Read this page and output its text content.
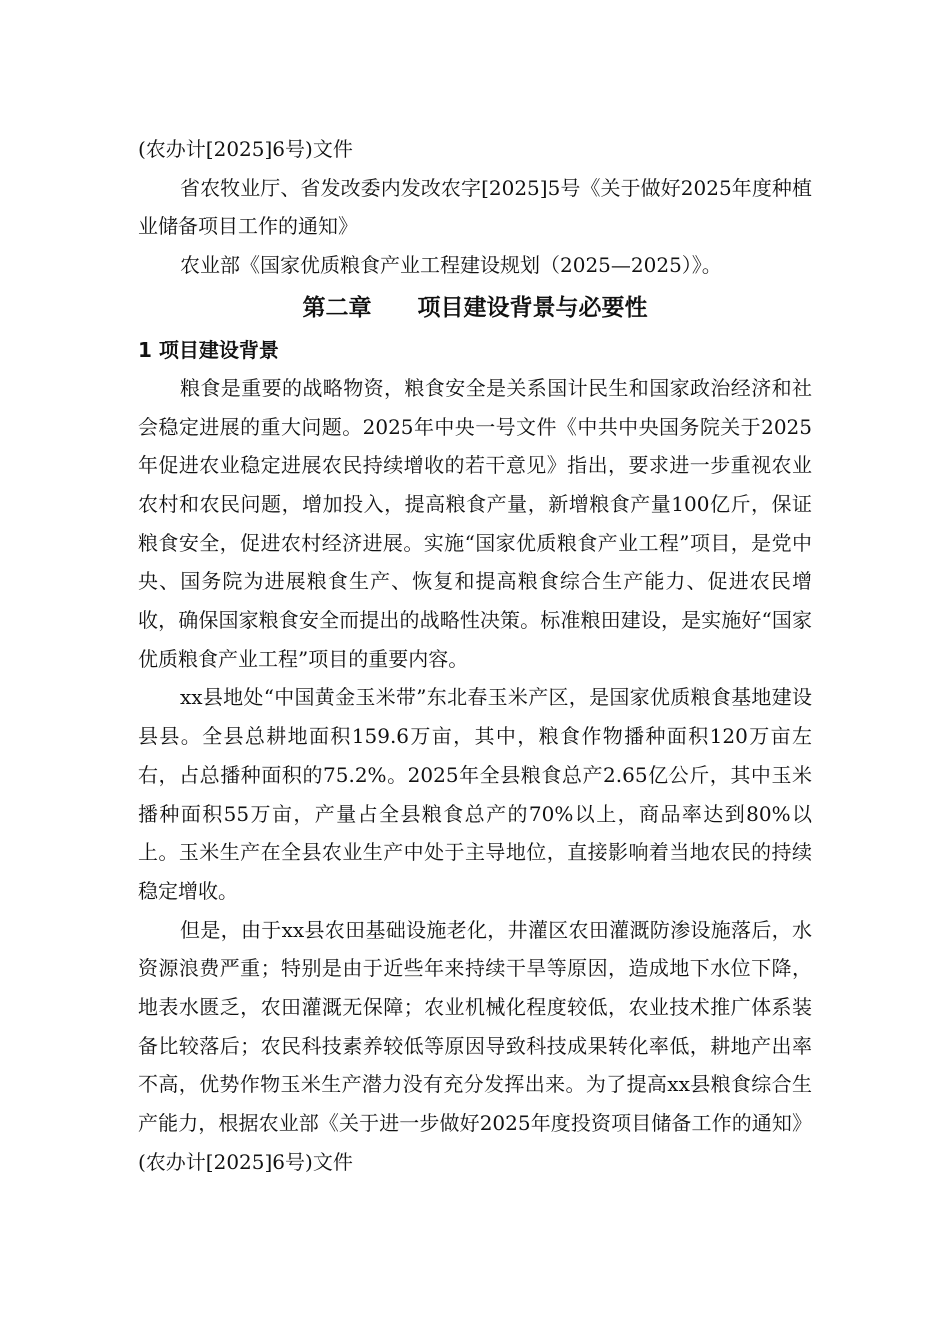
(农办计[2025]6号)文件

省农牧业厅、省发改委内发改农字[2025]5号《关于做好2025年度种植业储备项目工作的通知》

农业部《国家优质粮食产业工程建设规划（2025—2025）》。

第二章　　项目建设背景与必要性
1 项目建设背景

粮食是重要的战略物资，粮食安全是关系国计民生和国家政治经济和社会稳定进展的重大问题。2025年中央一号文件《中共中央国务院关于2025年促进农业稳定进展农民持续增收的若干意见》指出，要求进一步重视农业农村和农民问题，增加投入，提高粮食产量，新增粮食产量100亿斤，保证粮食安全，促进农村经济进展。实施“国家优质粮食产业工程”项目，是党中央、国务院为进展粮食生产、恢复和提高粮食综合生产能力、促进农民增收，确保国家粮食安全而提出的战略性决策。标准粮田建设，是实施好“国家优质粮食产业工程”项目的重要内容。

xx县地处“中国黄金玉米带”东北春玉米产区，是国家优质粮食基地建设县县。全县总耕地面积159.6万亩，其中，粮食作物播种面积120万亩左右，占总播种面积的75.2%。2025年全县粮食总产2.65亿公斤，其中玉米播种面积55万亩，产量占全县粮食总产的70%以上，商品率达到80%以上。玉米生产在全县农业生产中处于主导地位，直接影响着当地农民的持续稳定增收。

但是，由于xx县农田基础设施老化，井灌区农田灌溉防渗设施落后，水资源浪费严重；特别是由于近些年来持续干旱等原因，造成地下水位下降，地表水匮乏，农田灌溉无保障；农业机械化程度较低，农业技术推广体系装备比较落后；农民科技素养较低等原因导致科技成果转化率低，耕地产出率不高，优势作物玉米生产潜力没有充分发挥出来。为了提高xx县粮食综合生产能力，根据农业部《关于进一步做好2025年度投资项目储备工作的通知》(农办计[2025]6号)文件
